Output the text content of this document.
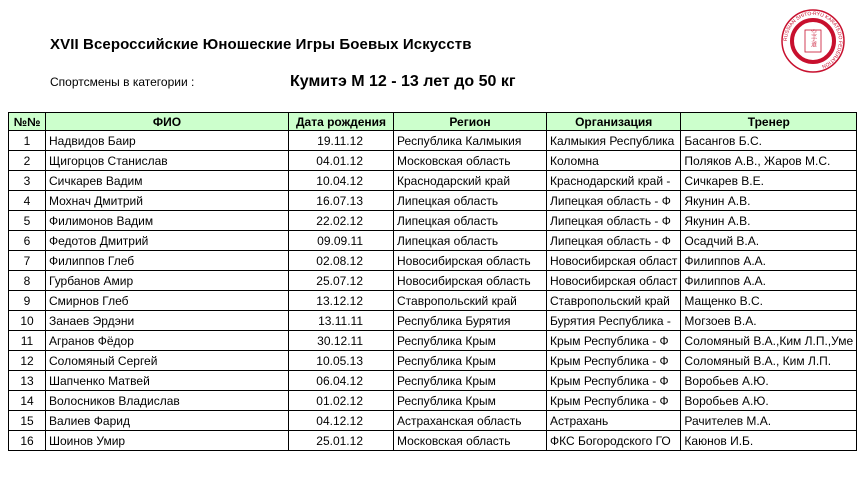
XVII Всероссийские Юношеские Игры Боевых Искусств
Спортсмены в категории :	Кумитэ М 12 - 13 лет до 50 кг
RUSSIAN SHITO-RYU KARATEDO FEDERATION
空手道
№№	ФИО	Дата рождения	Регион	Организация	Тренер
1	Надвидов Баир	19.11.12	Республика Калмыкия	Калмыкия Республика	Басангов Б.С.
2	Щигорцов Станислав	04.01.12	Московская область	Коломна	Поляков А.В., Жаров М.С.
3	Сичкарев Вадим	10.04.12	Краснодарский край	Краснодарский край -	Сичкарев В.Е.
4	Мохнач Дмитрий	16.07.13	Липецкая область	Липецкая область - Ф	Якунин А.В.
5	Филимонов Вадим	22.02.12	Липецкая область	Липецкая область - Ф	Якунин А.В.
6	Федотов Дмитрий	09.09.11	Липецкая область	Липецкая область - Ф	Осадчий В.А.
7	Филиппов Глеб	02.08.12	Новосибирская область	Новосибирская област	Филиппов А.А.
8	Гурбанов Амир	25.07.12	Новосибирская область	Новосибирская област	Филиппов А.А.
9	Смирнов Глеб	13.12.12	Ставропольский край	Ставропольский край	Мащенко В.С.
10	Занаев Эрдэни	13.11.11	Республика Бурятия	Бурятия Республика -	Могзоев В.А.
11	Агранов Фёдор	30.12.11	Республика Крым	Крым Республика - Ф	Соломяный В.А.,Ким Л.П.,Уме
12	Соломяный Сергей	10.05.13	Республика Крым	Крым Республика - Ф	Соломяный В.А., Ким Л.П.
13	Шапченко Матвей	06.04.12	Республика Крым	Крым Республика - Ф	Воробьев А.Ю.
14	Волосников Владислав	01.02.12	Республика Крым	Крым Республика - Ф	Воробьев А.Ю.
15	Валиев Фарид	04.12.12	Астраханская область	Астрахань	Рачителев М.А.
16	Шоинов Умир	25.01.12	Московская область	ФКС Богородского ГО	Каюнов И.Б.
